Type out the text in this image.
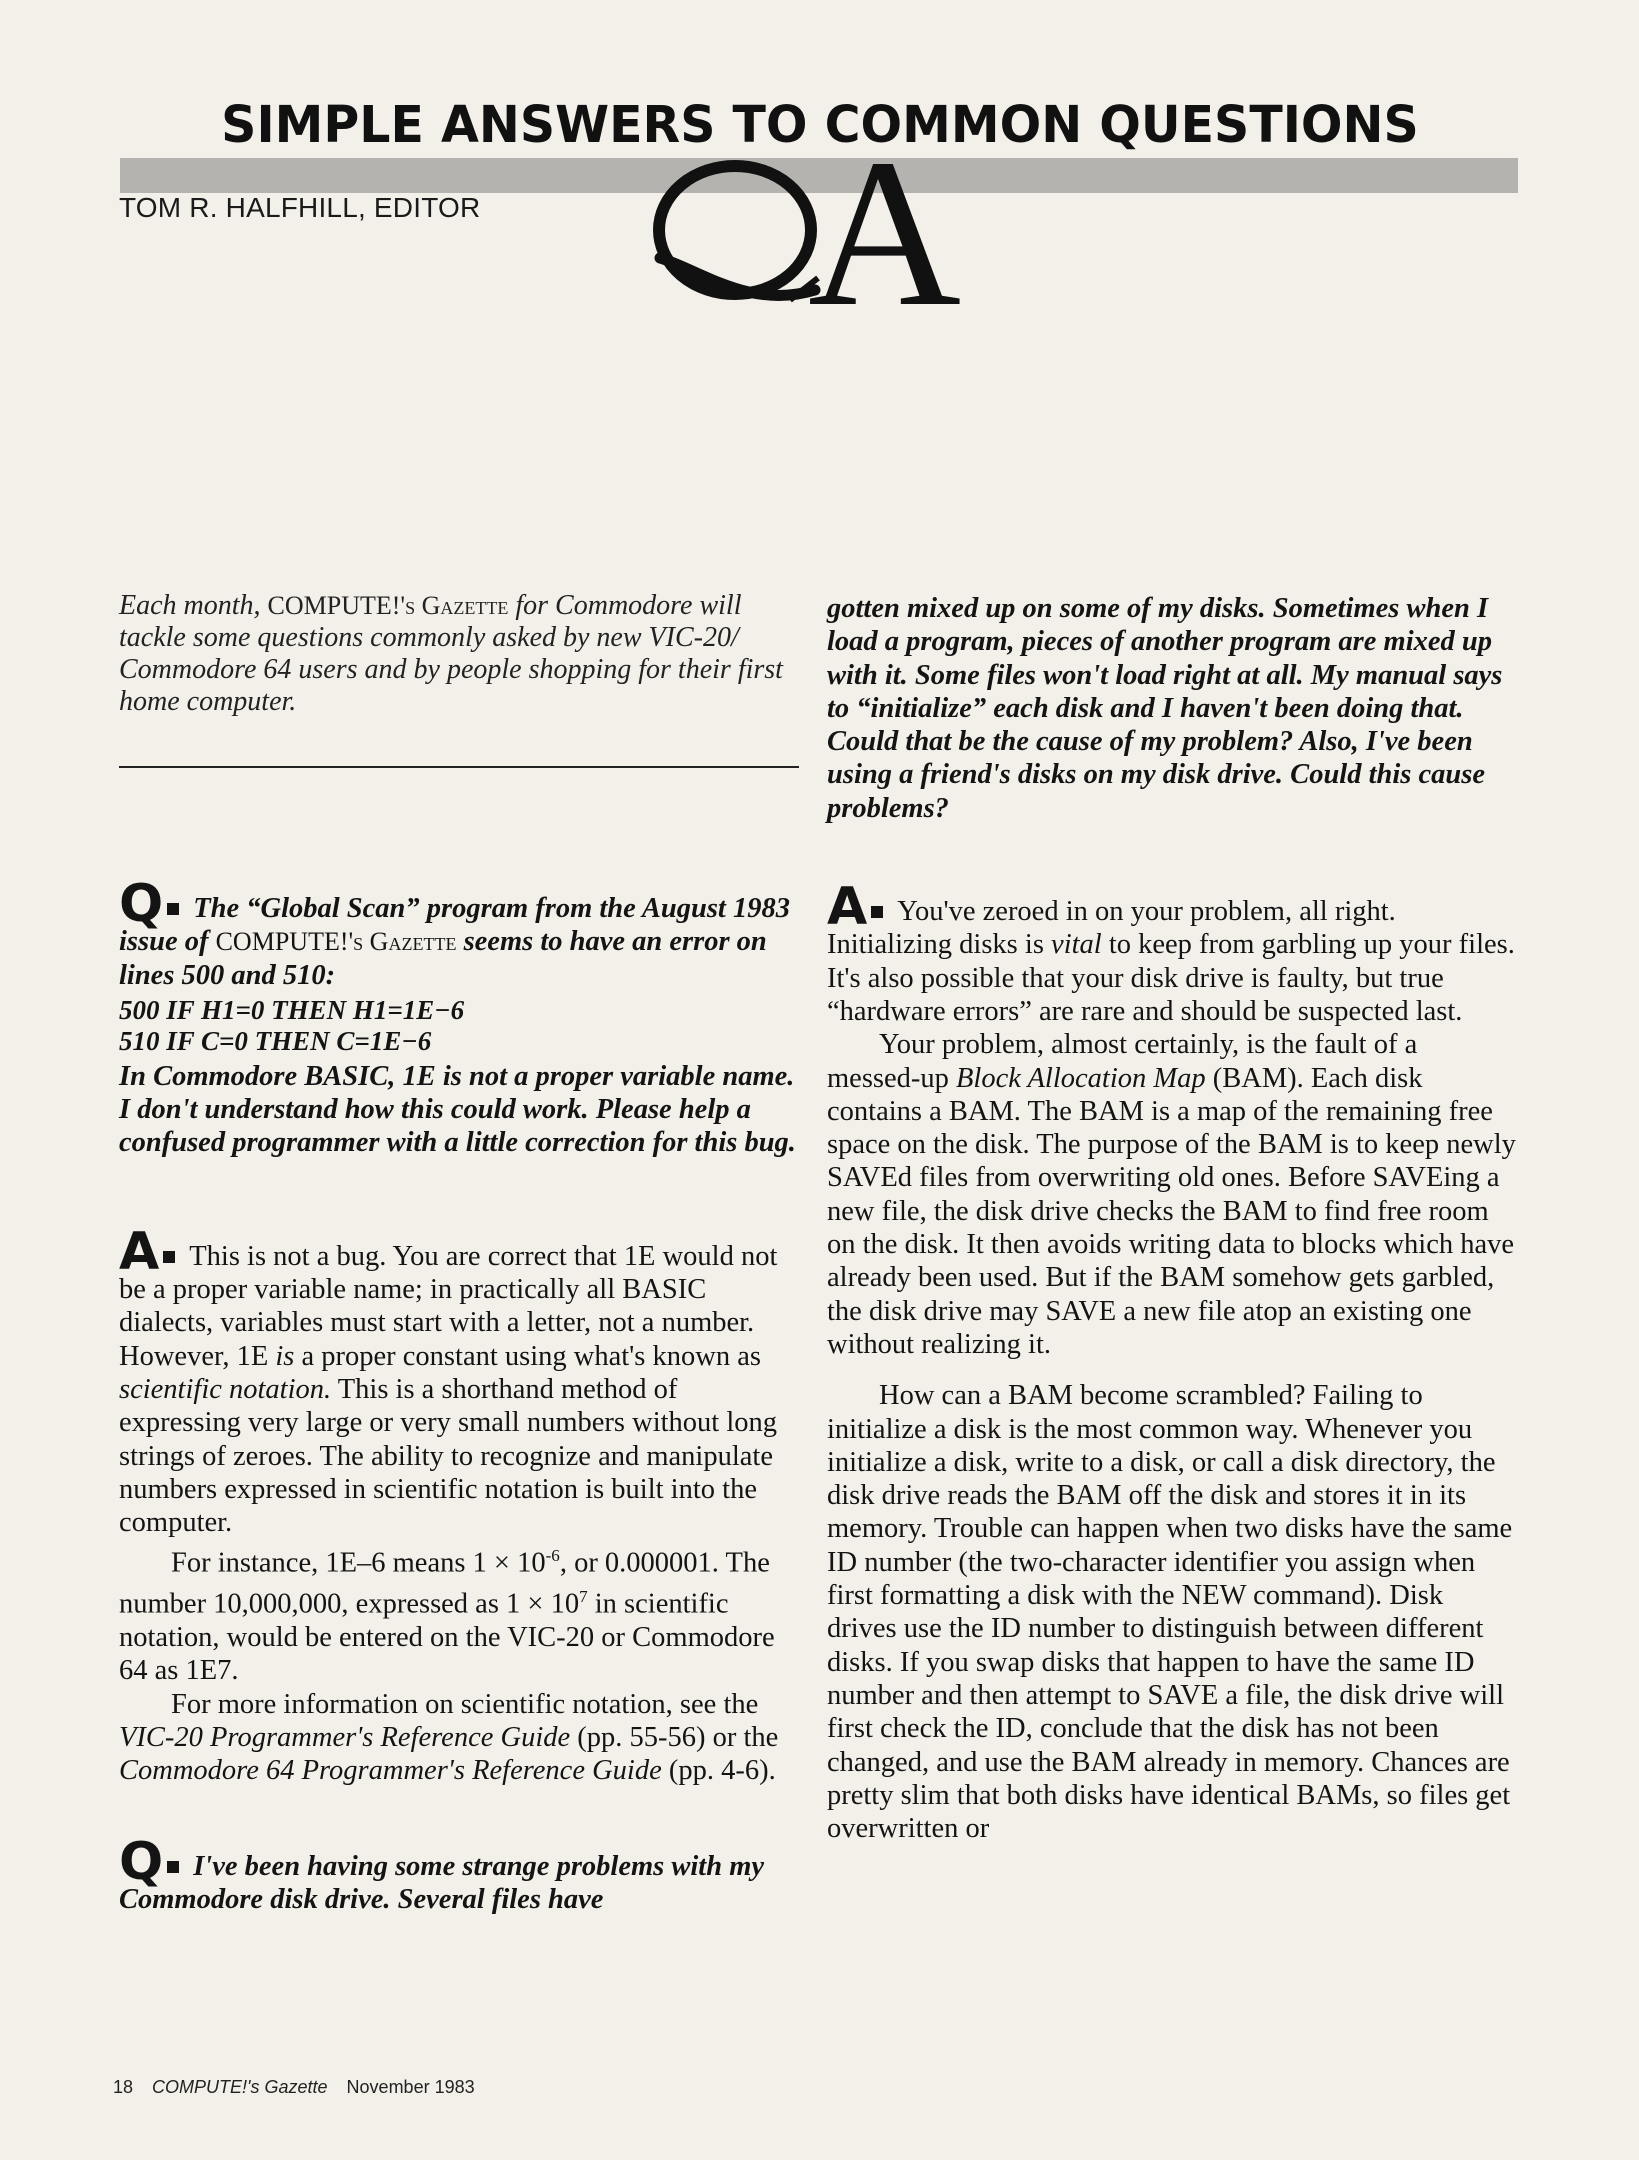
SIMPLE ANSWERS TO COMMON QUESTIONS
TOM R. HALFHILL, EDITOR A

Each month, COMPUTE!'s Gazette for Commodore will tackle some questions commonly asked by new VIC-20/ Commodore 64 users and by people shopping for their first home computer.

Q The “Global Scan” program from the August 1983 issue of COMPUTE!'s Gazette seems to have an error on lines 500 and 510:

500 IF H1=0 THEN H1=1E−6

510 IF C=0 THEN C=1E−6

In Commodore BASIC, 1E is not a proper variable name. I don't understand how this could work. Please help a confused programmer with a little correction for this bug.

A This is not a bug. You are correct that 1E would not be a proper variable name; in practically all BASIC dialects, variables must start with a letter, not a number. However, 1E is a proper constant using what's known as scientific notation. This is a shorthand method of expressing very large or very small numbers without long strings of zeroes. The ability to recognize and manipulate numbers expressed in scientific notation is built into the computer.

For instance, 1E–6 means $1 \times 10^{-6}$, or 0.000001. The number 10,000,000, expressed as $1 \times 10^7$ in scientific notation, would be entered on the VIC-20 or Commodore 64 as 1E7.

For more information on scientific notation, see the VIC-20 Programmer's Reference Guide (pp. 55-56) or the Commodore 64 Programmer's Reference Guide (pp. 4-6).

Q I've been having some strange problems with my Commodore disk drive. Several files have

gotten mixed up on some of my disks. Sometimes when I load a program, pieces of another program are mixed up with it. Some files won't load right at all. My manual says to “initialize” each disk and I haven't been doing that. Could that be the cause of my problem? Also, I've been using a friend's disks on my disk drive. Could this cause problems?

A You've zeroed in on your problem, all right. Initializing disks is vital to keep from garbling up your files. It's also possible that your disk drive is faulty, but true “hardware errors” are rare and should be suspected last.

Your problem, almost certainly, is the fault of a messed-up Block Allocation Map (BAM). Each disk contains a BAM. The BAM is a map of the remaining free space on the disk. The purpose of the BAM is to keep newly SAVEd files from overwriting old ones. Before SAVEing a new file, the disk drive checks the BAM to find free room on the disk. It then avoids writing data to blocks which have already been used. But if the BAM somehow gets garbled, the disk drive may SAVE a new file atop an existing one without realizing it.

How can a BAM become scrambled? Failing to initialize a disk is the most common way. Whenever you initialize a disk, write to a disk, or call a disk directory, the disk drive reads the BAM off the disk and stores it in its memory. Trouble can happen when two disks have the same ID number (the two-character identifier you assign when first formatting a disk with the NEW command). Disk drives use the ID number to distinguish between different disks. If you swap disks that happen to have the same ID number and then attempt to SAVE a file, the disk drive will first check the ID, conclude that the disk has not been changed, and use the BAM already in memory. Chances are pretty slim that both disks have identical BAMs, so files get overwritten or

18 COMPUTE!'s Gazette November 1983
